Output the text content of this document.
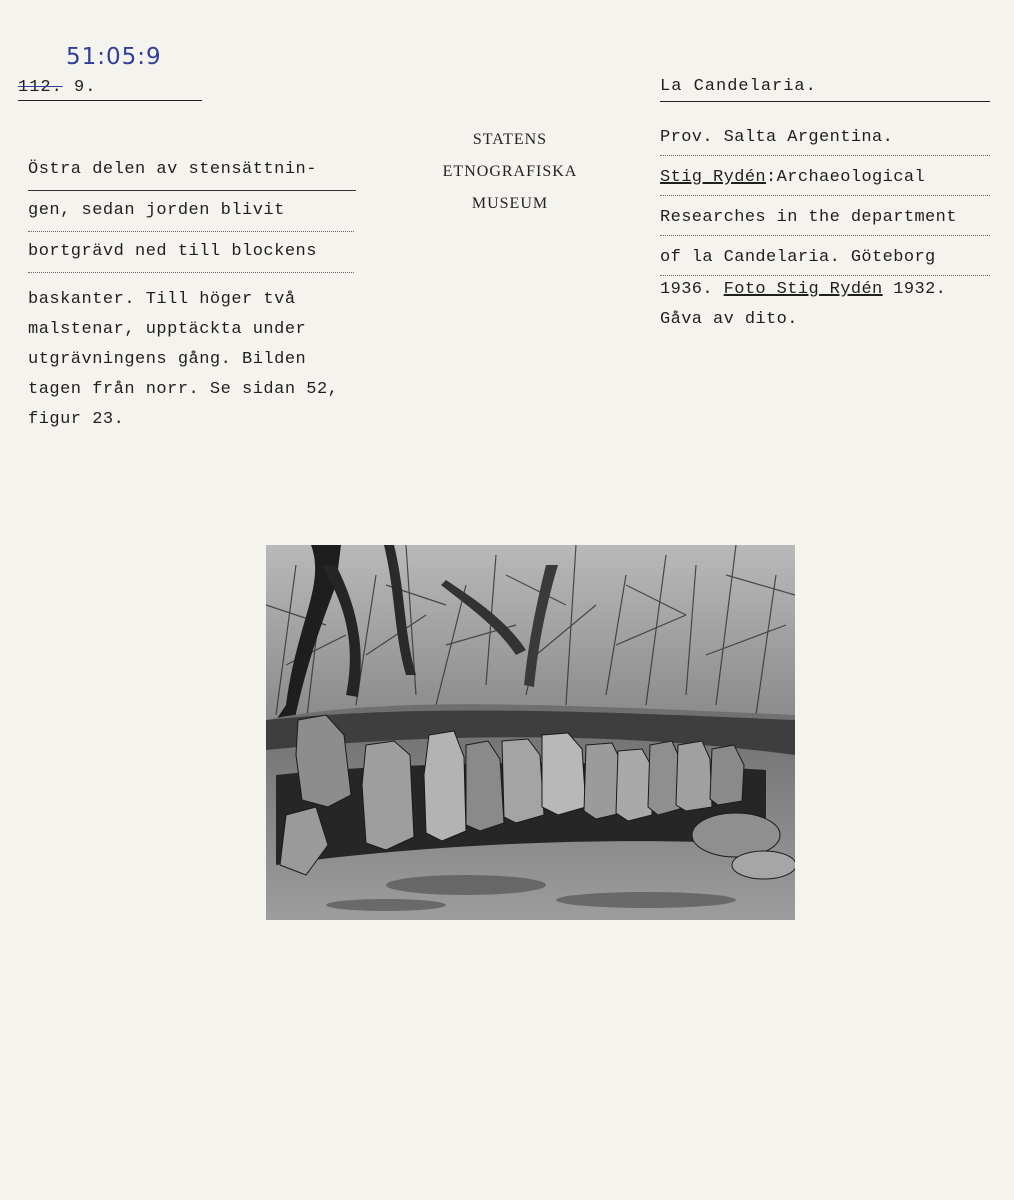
51:05:9
112. 9.	La Candelaria.
STATENS
ETNOGRAFISKA
MUSEUM
Östra delen av stensättnin-
gen, sedan jorden blivit
bortgrävd ned till blockens
baskanter. Till höger två
malstenar, upptäckta under
utgrävningens gång. Bilden
tagen från norr. Se sidan 52,
figur 23.
Prov. Salta Argentina.
Stig Rydén:Archaeological
Researches in the department
of la Candelaria. Göteborg
1936. Foto Stig Rydén 1932.
Gåva av dito.
